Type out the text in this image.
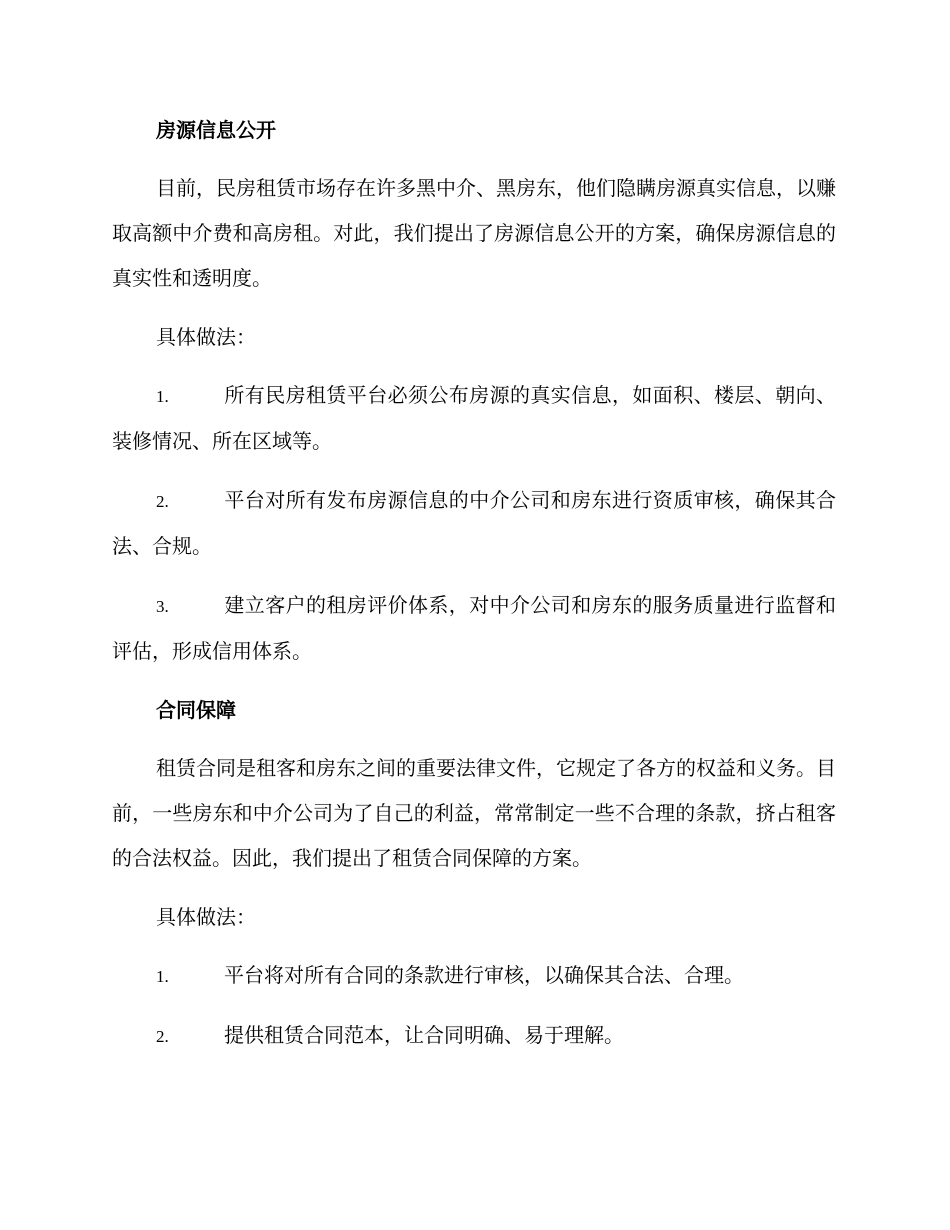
房源信息公开

目前，民房租赁市场存在许多黑中介、黑房东，他们隐瞒房源真实信息，以赚取高额中介费和高房租。对此，我们提出了房源信息公开的方案，确保房源信息的真实性和透明度。

具体做法：

1.	所有民房租赁平台必须公布房源的真实信息，如面积、楼层、朝向、装修情况、所在区域等。

2.	平台对所有发布房源信息的中介公司和房东进行资质审核，确保其合法、合规。

3.	建立客户的租房评价体系，对中介公司和房东的服务质量进行监督和评估，形成信用体系。

合同保障

租赁合同是租客和房东之间的重要法律文件，它规定了各方的权益和义务。目前，一些房东和中介公司为了自己的利益，常常制定一些不合理的条款，挤占租客的合法权益。因此，我们提出了租赁合同保障的方案。

具体做法：

1.	平台将对所有合同的条款进行审核，以确保其合法、合理。

2.	提供租赁合同范本，让合同明确、易于理解。
